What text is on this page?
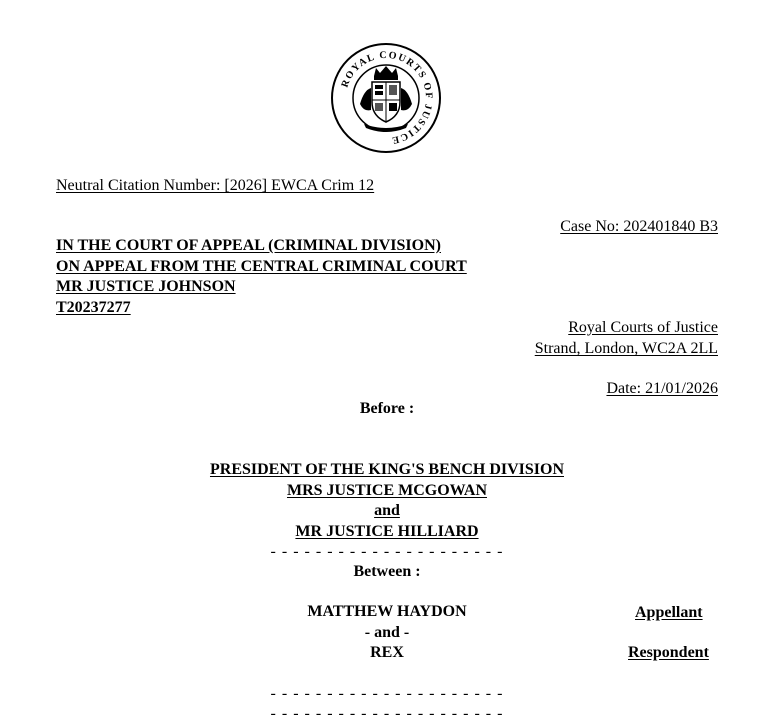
ROYAL COURTS OF JUSTICE
Neutral Citation Number: [2026] EWCA Crim 12
Case No: 202401840 B3
IN THE COURT OF APPEAL (CRIMINAL DIVISION)
ON APPEAL FROM THE CENTRAL CRIMINAL COURT
MR JUSTICE JOHNSON
T20237277
Royal Courts of Justice
Strand, London, WC2A 2LL
Date: 21/01/2026
Before :
PRESIDENT OF THE KING'S BENCH DIVISION
MRS JUSTICE MCGOWAN
and
MR JUSTICE HILLIARD
- - - - - - - - - - - - - - - - - - - - -
Between :
MATTHEW HAYDON
- and -
REX
Appellant
Respondent
- - - - - - - - - - - - - - - - - - - - -
- - - - - - - - - - - - - - - - - - - - -
